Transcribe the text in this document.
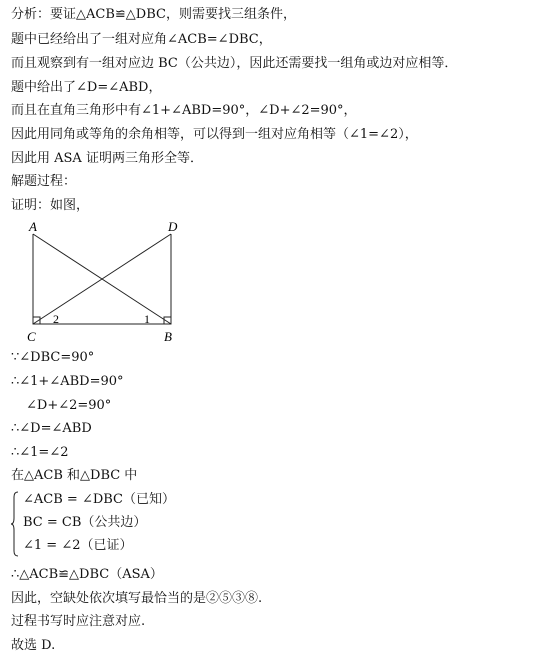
分析：要证△ACB≌△DBC，则需要找三组条件，
题中已经给出了一组对应角∠ACB=∠DBC，
而且观察到有一组对应边 BC（公共边），因此还需要找一组角或边对应相等．
题中给出了∠D=∠ABD，
而且在直角三角形中有∠1+∠ABD=90°，∠D+∠2=90°，
因此用同角或等角的余角相等，可以得到一组对应角相等（∠1=∠2），
因此用 ASA 证明两三角形全等．
解题过程：
证明：如图，
A	D
C	B
2	1
∵∠DBC=90°
∴∠1+∠ABD=90°
∠D+∠2=90°
∴∠D=∠ABD
∴∠1=∠2
在△ACB 和△DBC 中
∠ACB = ∠DBC（已知）
BC = CB（公共边）
∠1 = ∠2（已证）
∴△ACB≌△DBC（ASA）
因此，空缺处依次填写最恰当的是②⑤③⑧.
过程书写时应注意对应.
故选 D.
